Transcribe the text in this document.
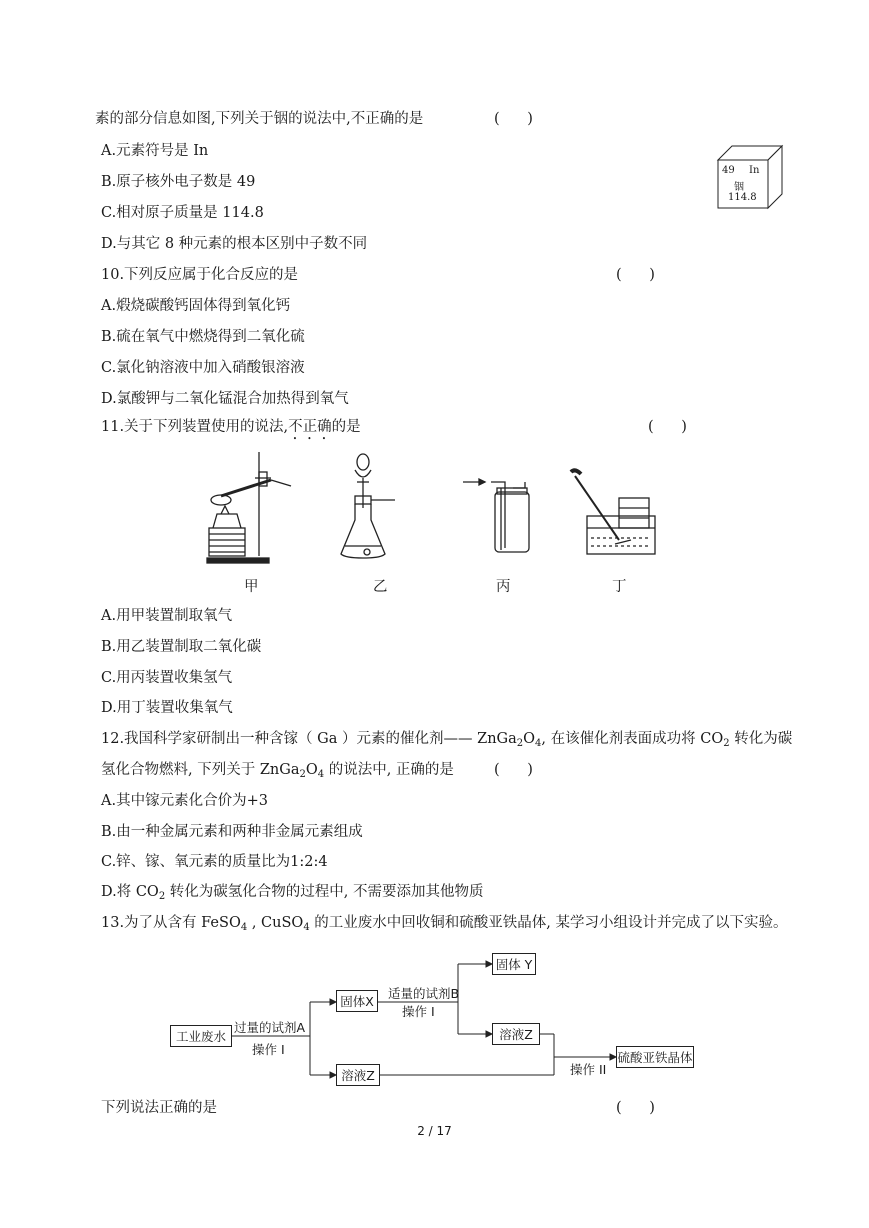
素的部分信息如图,下列关于铟的说法中,不正确的是	(      )
A.元素符号是 In
B.原子核外电子数是 49
C.相对原子质量是 114.8
D.与其它 8 种元素的根本区别中子数不同
49 In
铟
114.8
10.下列反应属于化合反应的是	(      )
A.煅烧碳酸钙固体得到氧化钙
B.硫在氧气中燃烧得到二氧化硫
C.氯化钠溶液中加入硝酸银溶液
D.氯酸钾与二氧化锰混合加热得到氧气
11.关于下列装置使用的说法,不正确的是	(      )
甲	乙	丙	丁
A.用甲装置制取氧气
B.用乙装置制取二氧化碳
C.用丙装置收集氢气
D.用丁装置收集氧气
12.我国科学家研制出一种含镓（ Ga ）元素的催化剂—— $ZnGa_2O_4$, 在该催化剂表面成功将 $CO_2$ 转化为碳
氢化合物燃料, 下列关于 $ZnGa_2O_4$ 的说法中, 正确的是	(      )
A.其中镓元素化合价为+3
B.由一种金属元素和两种非金属元素组成
C.锌、镓、氧元素的质量比为1:2:4
D.将 $CO_2$ 转化为碳氢化合物的过程中, 不需要添加其他物质
13.为了从含有 FeSO$_4$ , CuSO$_4$ 的工业废水中回收铜和硫酸亚铁晶体, 某学习小组设计并完成了以下实验。
工业废水
过量的试剂A
操作 I
固体X
溶液Z
适量的试剂B
操作 I
固体 Y
溶液Z
操作 II
硫酸亚铁晶体
下列说法正确的是	(      )
2 / 17
